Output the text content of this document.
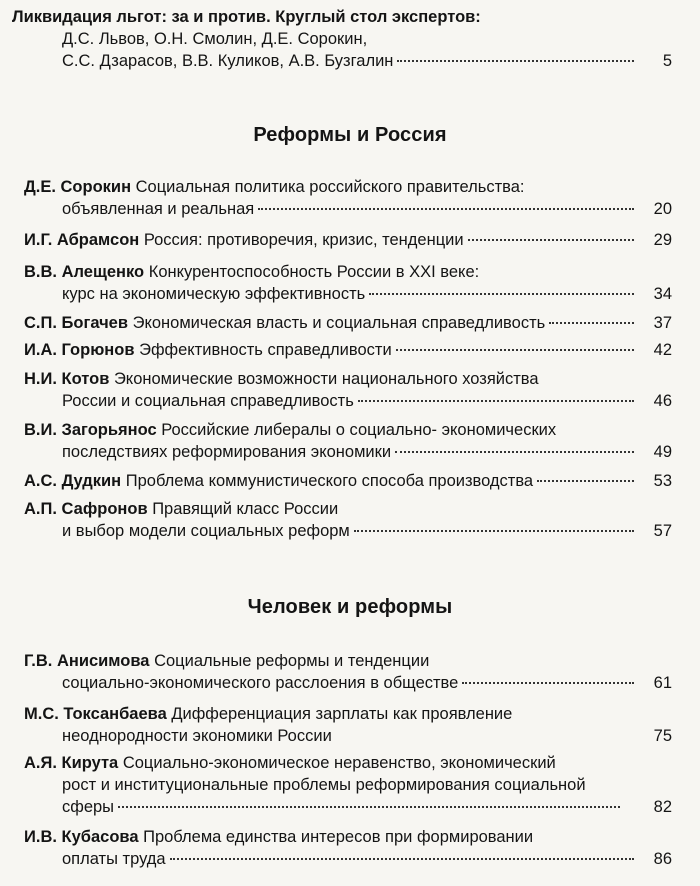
Ликвидация льгот: за и против. Круглый стол экспертов:
Д.С. Львов, О.Н. Смолин, Д.Е. Сорокин,
С.С. Дзарасов, В.В. Куликов, А.В. Бузгалин	5
Реформы и Россия
Д.Е. Сорокин Социальная политика российского правительства:
объявленная и реальная	20
И.Г. Абрамсон Россия: противоречия, кризис, тенденции	29
В.В. Алещенко Конкурентоспособность России в XXI веке:
курс на экономическую эффективность	34
С.П. Богачев Экономическая власть и социальная справедливость	37
И.А. Горюнов Эффективность справедливости	42
Н.И. Котов Экономические возможности национального хозяйства
России и социальная справедливость	46
В.И. Загорьянос Российские либералы о социально- экономических
последствиях реформирования экономики	49
А.С. Дудкин Проблема коммунистического способа производства	53
А.П. Сафронов Правящий класс России
и выбор модели социальных реформ	57
Человек и реформы
Г.В. Анисимова Социальные реформы и тенденции
социально-экономического расслоения в обществе	61
М.С. Токсанбаева Дифференциация зарплаты как проявление
неоднородности экономики России	75
А.Я. Кирута Социально-экономическое неравенство, экономический
рост и институциональные проблемы реформирования социальной
сферы	82
И.В. Кубасова Проблема единства интересов при формировании
оплаты труда	86
